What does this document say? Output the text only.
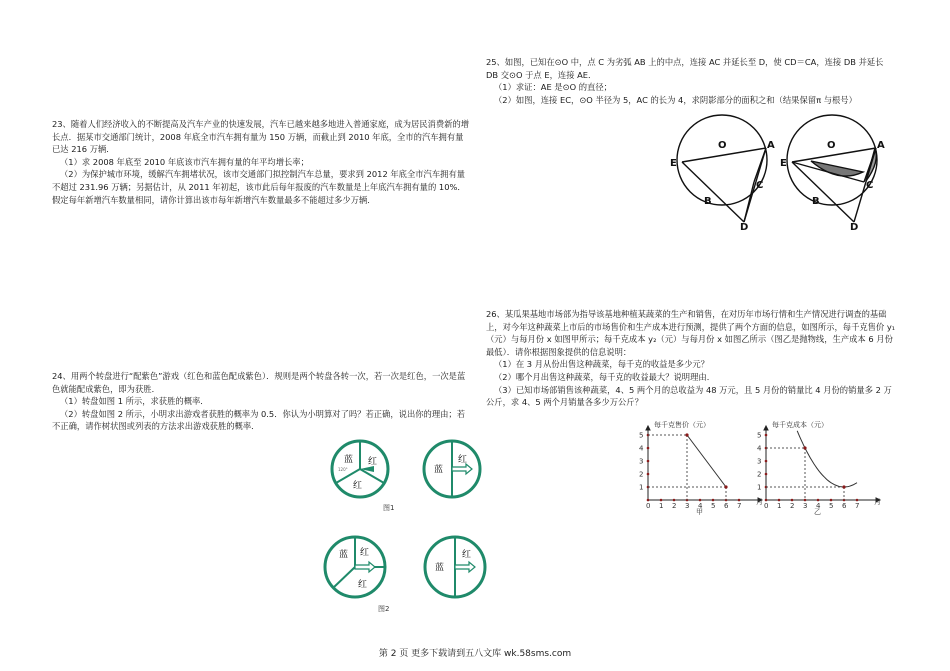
23、随着人们经济收入的不断提高及汽车产业的快速发展，汽车已越来越多地进入普通家庭，成为居民消费新的增长点．据某市交通部门统计，2008 年底全市汽车拥有量为 150 万辆，而截止到 2010 年底，全市的汽车拥有量已达 216 万辆．

（1）求 2008 年底至 2010 年底该市汽车拥有量的年平均增长率；

（2）为保护城市环境，缓解汽车拥堵状况，该市交通部门拟控制汽车总量，要求到 2012 年底全市汽车拥有量不超过 231.96 万辆；另据估计，从 2011 年初起，该市此后每年报废的汽车数量是上年底汽车拥有量的 10%．假定每年新增汽车数量相同，请你计算出该市每年新增汽车数量最多不能超过多少万辆．

24、用两个转盘进行“配紫色”游戏（红色和蓝色配成紫色）．规则是两个转盘各转一次，若一次是红色，一次是蓝色就能配成紫色，即为获胜．

（1）转盘如图 1 所示，求获胜的概率．

（2）转盘如图 2 所示，小明求出游戏者获胜的概率为 0.5．你认为小明算对了吗？若正确，说出你的理由；若不正确，请作树状图或列表的方法求出游戏获胜的概率．

蓝 红
红
120°	蓝
红
图1
蓝 红
红
蓝
红
图2

25、如图，已知在⊙O 中，点 C 为劣弧 AB 上的中点，连接 AC 并延长至 D，使 CD＝CA，连接 DB 并延长 DB 交⊙O 于点 E，连接 AE．

（1）求证：AE 是⊙O 的直径；

（2）如图，连接 EC，⊙O 半径为 5，AC 的长为 4，求阴影部分的面积之和（结果保留π 与根号）

O	A
E
C
B
D
O	A
E
C
B
D

26、某瓜果基地市场部为指导该基地种植某蔬菜的生产和销售，在对历年市场行情和生产情况进行调查的基础上，对今年这种蔬菜上市后的市场售价和生产成本进行预测，提供了两个方面的信息，如图所示，每千克售价 y₁（元）与每月份 x 如图甲所示；每千克成本 y₂（元）与每月份 x 如图乙所示（图乙是抛物线，生产成本 6 月份最低）．请你根据图象提供的信息说明：

（1）在 3 月从份出售这种蔬菜，每千克的收益是多少元？

（2）哪个月出售这种蔬菜，每千克的收益最大？说明理由．

（3）已知市场部销售该种蔬菜，4、5 两个月的总收益为 48 万元，且 5 月份的销量比 4 月份的销量多 2 万公斤，求 4、5 两个月销量各多少万公斤？

每千克售价（元）
0 1 2 3 4 5 6 7
1
2
3
4
5
月
甲
每千克成本（元）
0 1 2 3 4 5 6 7
1
2
3
4
5
月
乙
第 2 页 更多下载请到五八文库 wk.58sms.com
